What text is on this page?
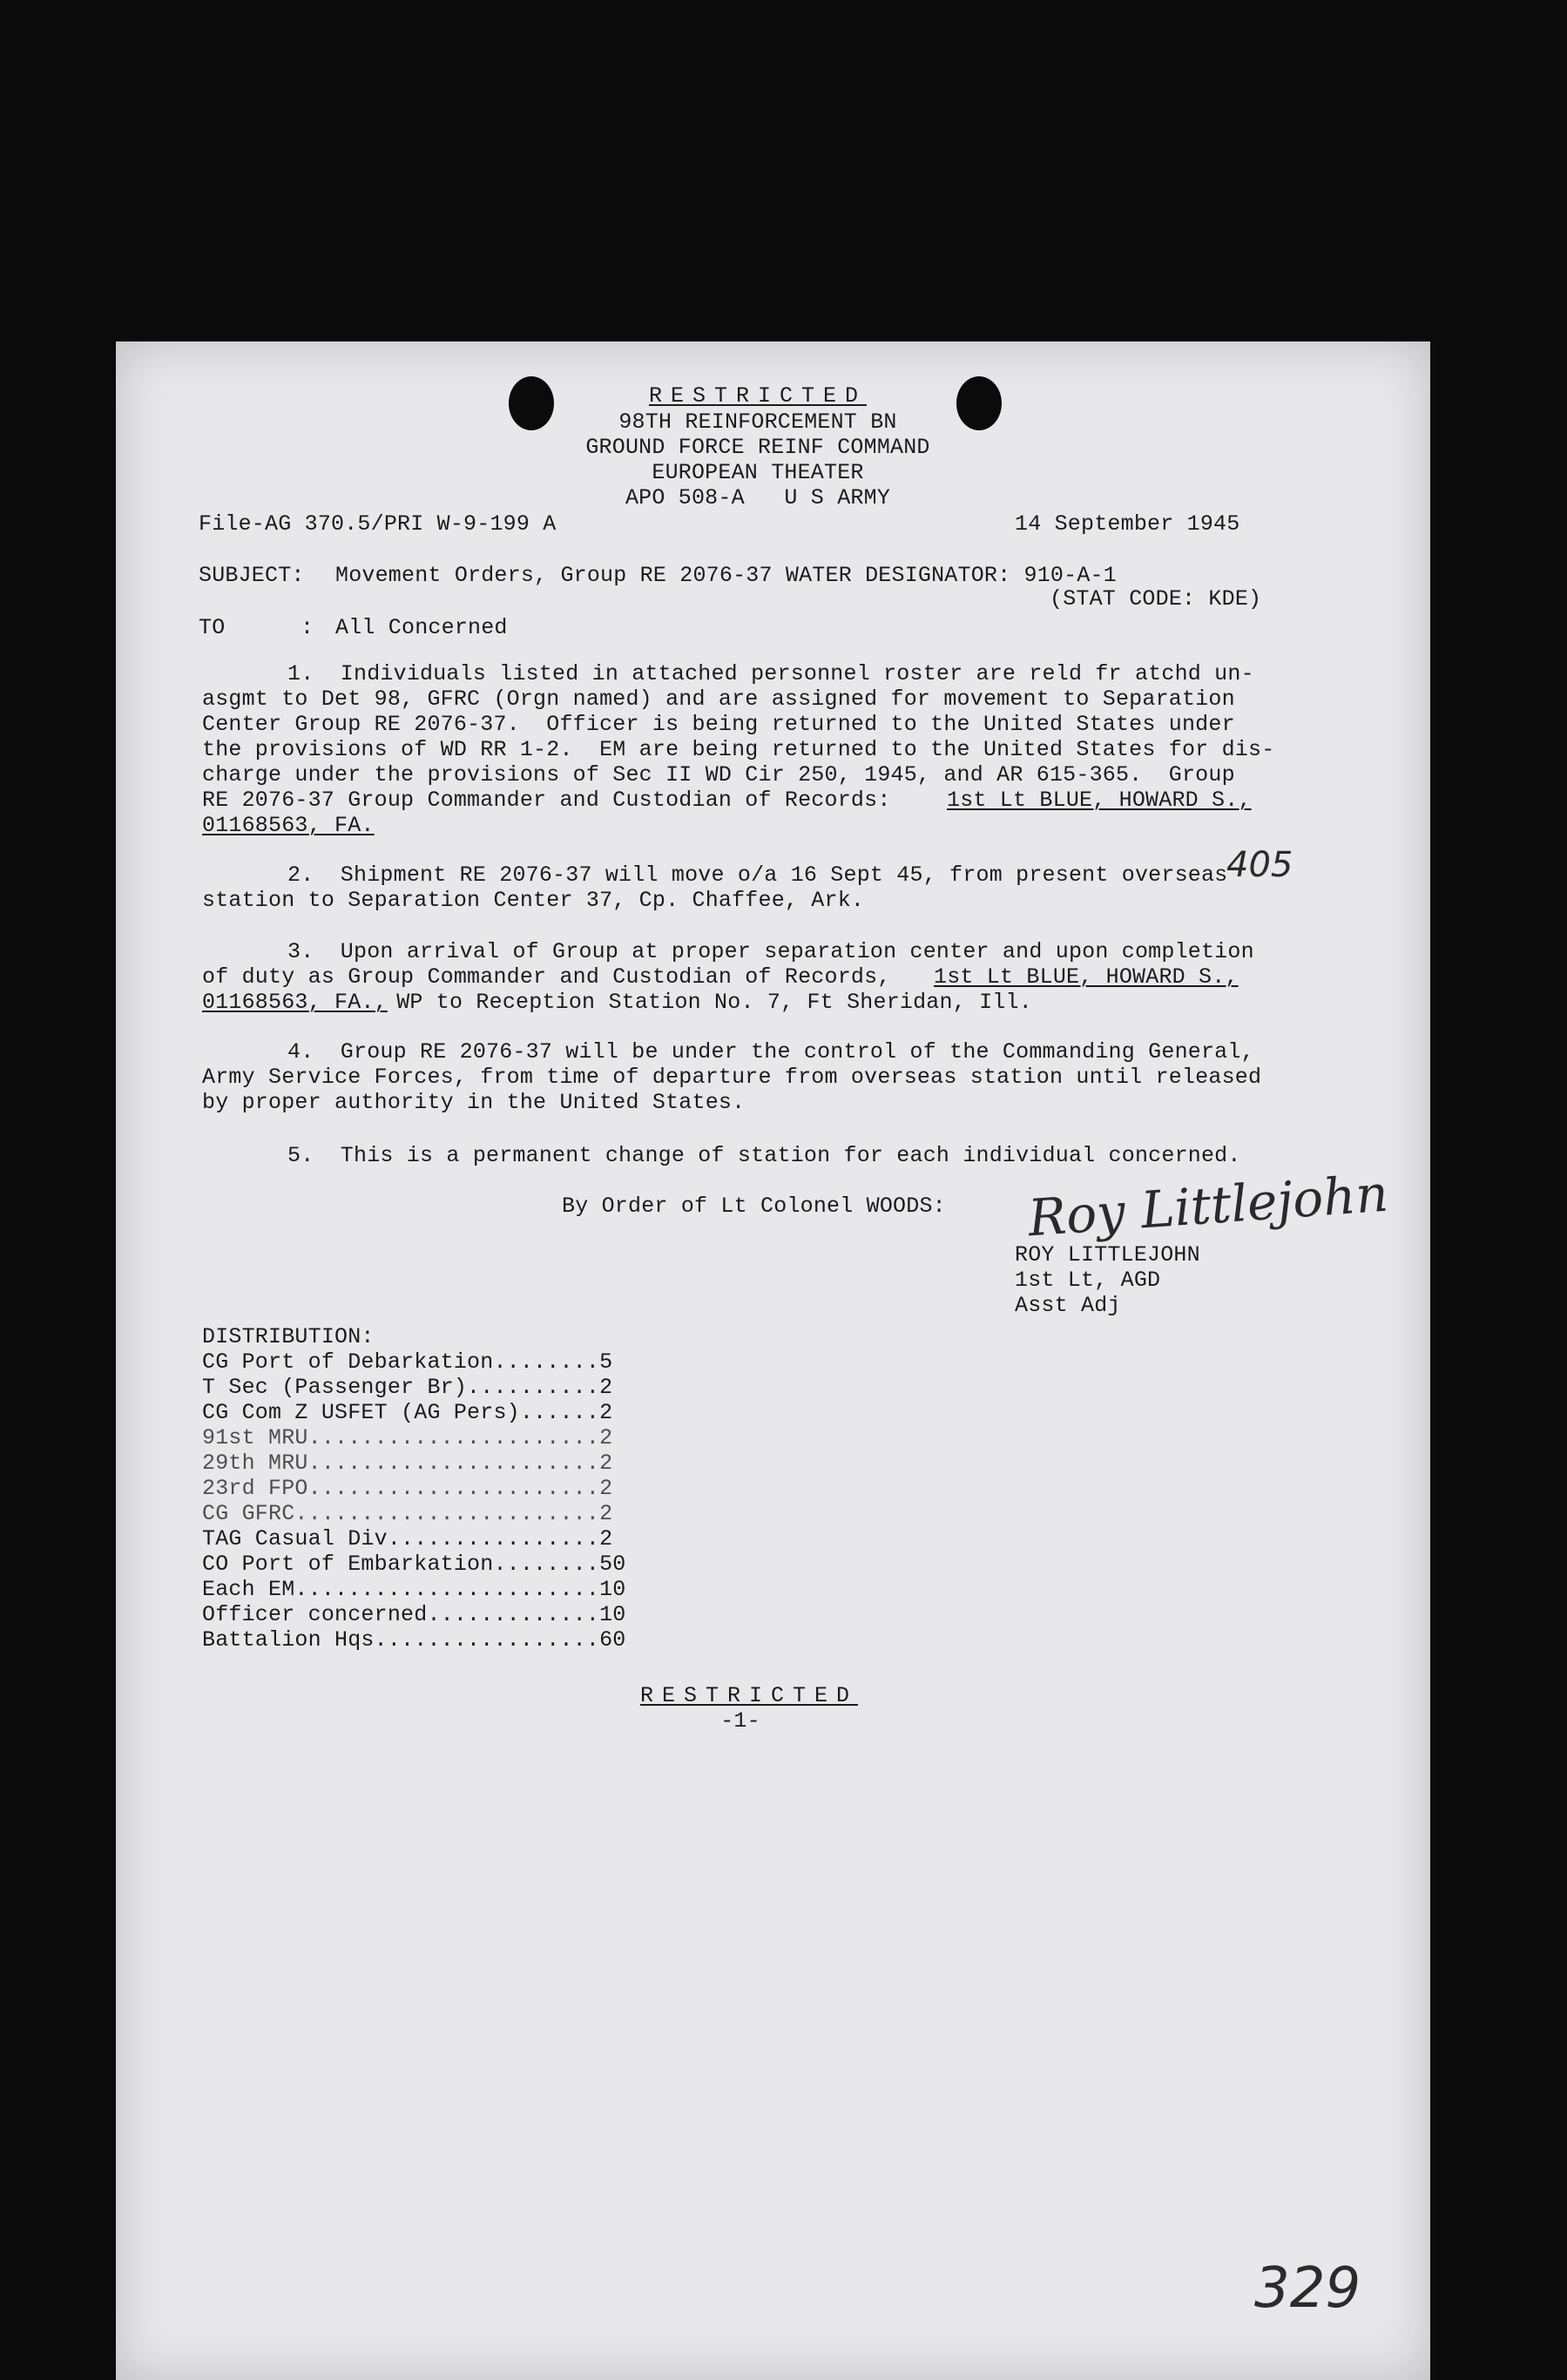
RESTRICTED
98TH REINFORCEMENT BN
GROUND FORCE REINF COMMAND
EUROPEAN THEATER
APO 508-A   U S ARMY
File-AG 370.5/PRI W-9-199 A	14 September 1945
SUBJECT: Movement Orders, Group RE 2076-37 WATER DESIGNATOR: 910-A-1
(STAT CODE: KDE)
TO	: All Concerned
1.  Individuals listed in attached personnel roster are reld fr atchd un-
asgmt to Det 98, GFRC (Orgn named) and are assigned for movement to Separation
Center Group RE 2076-37.  Officer is being returned to the United States under
the provisions of WD RR 1-2.  EM are being returned to the United States for dis-
charge under the provisions of Sec II WD Cir 250, 1945, and AR 615-365.  Group
RE 2076-37 Group Commander and Custodian of Records:	1st Lt BLUE, HOWARD S.,
01168563, FA.
2.  Shipment RE 2076-37 will move o/a 16 Sept 45, from present overseas
station to Separation Center 37, Cp. Chaffee, Ark.
3.  Upon arrival of Group at proper separation center and upon completion
of duty as Group Commander and Custodian of Records, 1st Lt BLUE, HOWARD S.,
01168563, FA.,
WP to Reception Station No. 7, Ft Sheridan, Ill.
4.  Group RE 2076-37 will be under the control of the Commanding General,
Army Service Forces, from time of departure from overseas station until released
by proper authority in the United States.
5.  This is a permanent change of station for each individual concerned.
By Order of Lt Colonel WOODS: Roy Littlejohn
ROY LITTLEJOHN
1st Lt, AGD
Asst Adj
DISTRIBUTION:
CG Port of Debarkation........5
T Sec (Passenger Br)..........2
CG Com Z USFET (AG Pers)......2
91st MRU......................2
29th MRU......................2
23rd FPO......................2
CG GFRC.......................2
TAG Casual Div................2
CO Port of Embarkation........50
Each EM.......................10
Officer concerned.............10
Battalion Hqs.................60
RESTRICTED
-1-
405
329
